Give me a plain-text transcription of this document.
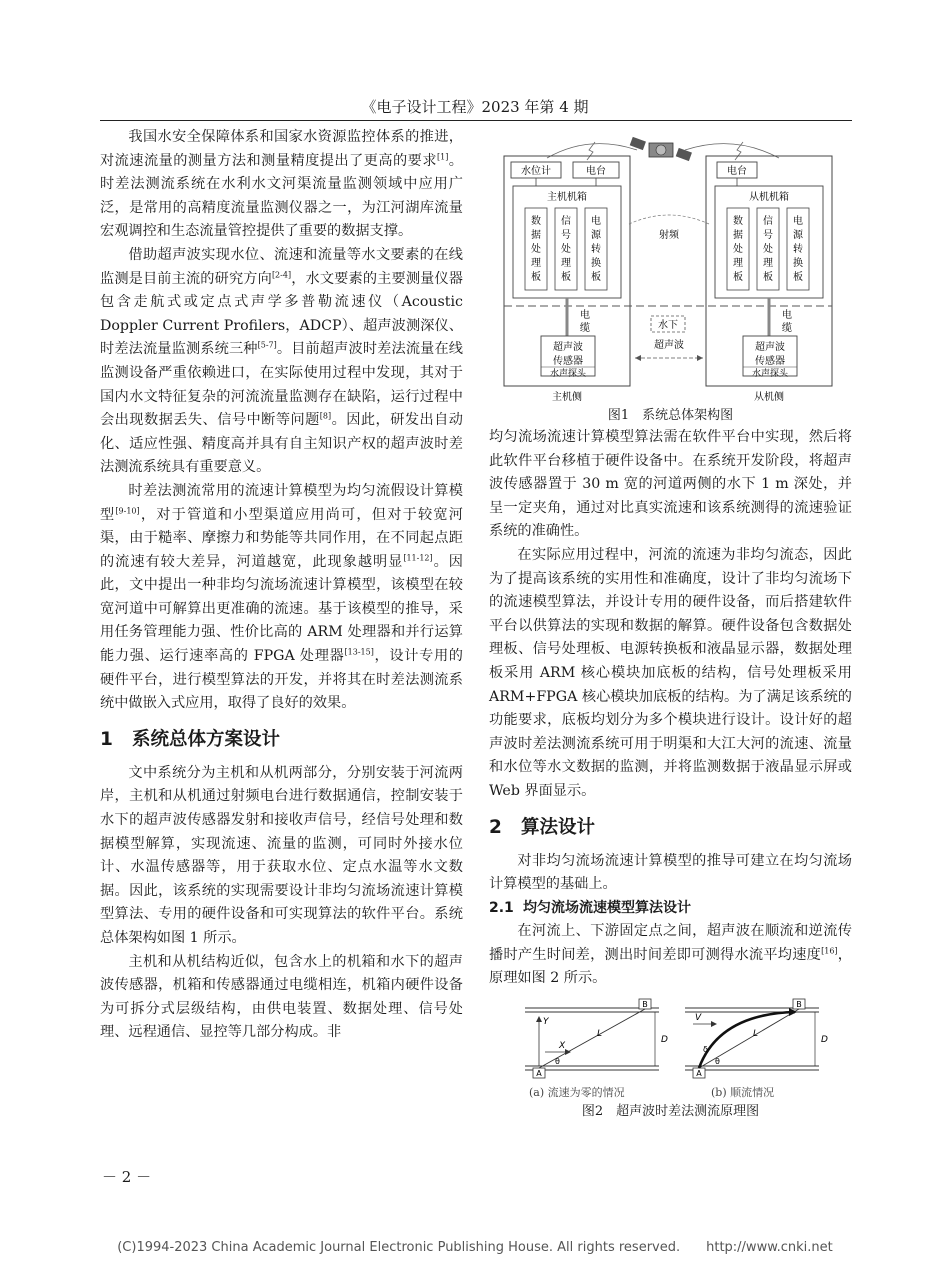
《电子设计工程》2023 年第 4 期

我国水安全保障体系和国家水资源监控体系的推进，对流速流量的测量方法和测量精度提出了更高的要求[1]。时差法测流系统在水利水文河渠流量监测领域中应用广泛，是常用的高精度流量监测仪器之一，为江河湖库流量宏观调控和生态流量管控提供了重要的数据支撑。

借助超声波实现水位、流速和流量等水文要素的在线监测是目前主流的研究方向[2-4]，水文要素的主要测量仪器包含走航式或定点式声学多普勒流速仪（Acoustic Doppler Current Profilers，ADCP）、超声波测深仪、时差法流量监测系统三种[5-7]。目前超声波时差法流量在线监测设备严重依赖进口，在实际使用过程中发现，其对于国内水文特征复杂的河流流量监测存在缺陷，运行过程中会出现数据丢失、信号中断等问题[8]。因此，研发出自动化、适应性强、精度高并具有自主知识产权的超声波时差法测流系统具有重要意义。

时差法测流常用的流速计算模型为均匀流假设计算模型[9-10]，对于管道和小型渠道应用尚可，但对于较宽河渠，由于糙率、摩擦力和势能等共同作用，在不同起点距的流速有较大差异，河道越宽，此现象越明显[11-12]。因此，文中提出一种非均匀流场流速计算模型，该模型在较宽河道中可解算出更准确的流速。基于该模型的推导，采用任务管理能力强、性价比高的 ARM 处理器和并行运算能力强、运行速率高的 FPGA 处理器[13-15]，设计专用的硬件平台，进行模型算法的开发，并将其在时差法测流系统中做嵌入式应用，取得了良好的效果。

1 系统总体方案设计

文中系统分为主机和从机两部分，分别安装于河流两岸，主机和从机通过射频电台进行数据通信，控制安装于水下的超声波传感器发射和接收声信号，经信号处理和数据模型解算，实现流速、流量的监测，可同时外接水位计、水温传感器等，用于获取水位、定点水温等水文数据。因此，该系统的实现需要设计非均匀流场流速计算模型算法、专用的硬件设备和可实现算法的软件平台。系统总体架构如图 1 所示。

主机和从机结构近似，包含水上的机箱和水下的超声波传感器，机箱和传感器通过电缆相连，机箱内硬件设备为可拆分式层级结构，由供电装置、数据处理、信号处理、远程通信、显控等几部分构成。非

水位计	电台	电台
主机机箱	从机机箱
射频
数
据
处
理
板
信
号
处
理
板
电
源
转
换
板
数
据
处
理
板
信
号
处
理
板
电
源
转
换
板
电
缆
电
缆
水下
超声波
传感器
水声探头
超声波
传感器
水声探头
超声波
主机侧	从机侧
图1　系统总体架构图

均匀流场流速计算模型算法需在软件平台中实现，然后将此软件平台移植于硬件设备中。在系统开发阶段，将超声波传感器置于 30 m 宽的河道两侧的水下 1 m 深处，并呈一定夹角，通过对比真实流速和该系统测得的流速验证系统的准确性。

在实际应用过程中，河流的流速为非均匀流态，因此为了提高该系统的实用性和准确度，设计了非均匀流场下的流速模型算法，并设计专用的硬件设备，而后搭建软件平台以供算法的实现和数据的解算。硬件设备包含数据处理板、信号处理板、电源转换板和液晶显示器，数据处理板采用 ARM 核心模块加底板的结构，信号处理板采用 ARM+FPGA 核心模块加底板的结构。为了满足该系统的功能要求，底板均划分为多个模块进行设计。设计好的超声波时差法测流系统可用于明渠和大江大河的流速、流量和水位等水文数据的监测，并将监测数据于液晶显示屏或 Web 界面显示。

2 算法设计

对非均匀流场流速计算模型的推导可建立在均匀流场计算模型的基础上。

2.1 均匀流场流速模型算法设计

在河流上、下游固定点之间，超声波在顺流和逆流传播时产生时间差，测出时间差即可测得水流平均速度[16]，原理如图 2 所示。

B
A
L
Y
X
θ
D
B
A
L
V
δ
θ
D
(a) 流速为零的情况	(b) 顺流情况
图2　超声波时差法测流原理图
－ 2 －
(C)1994-2023 China Academic Journal Electronic Publishing House. All rights reserved.　　http://www.cnki.net
